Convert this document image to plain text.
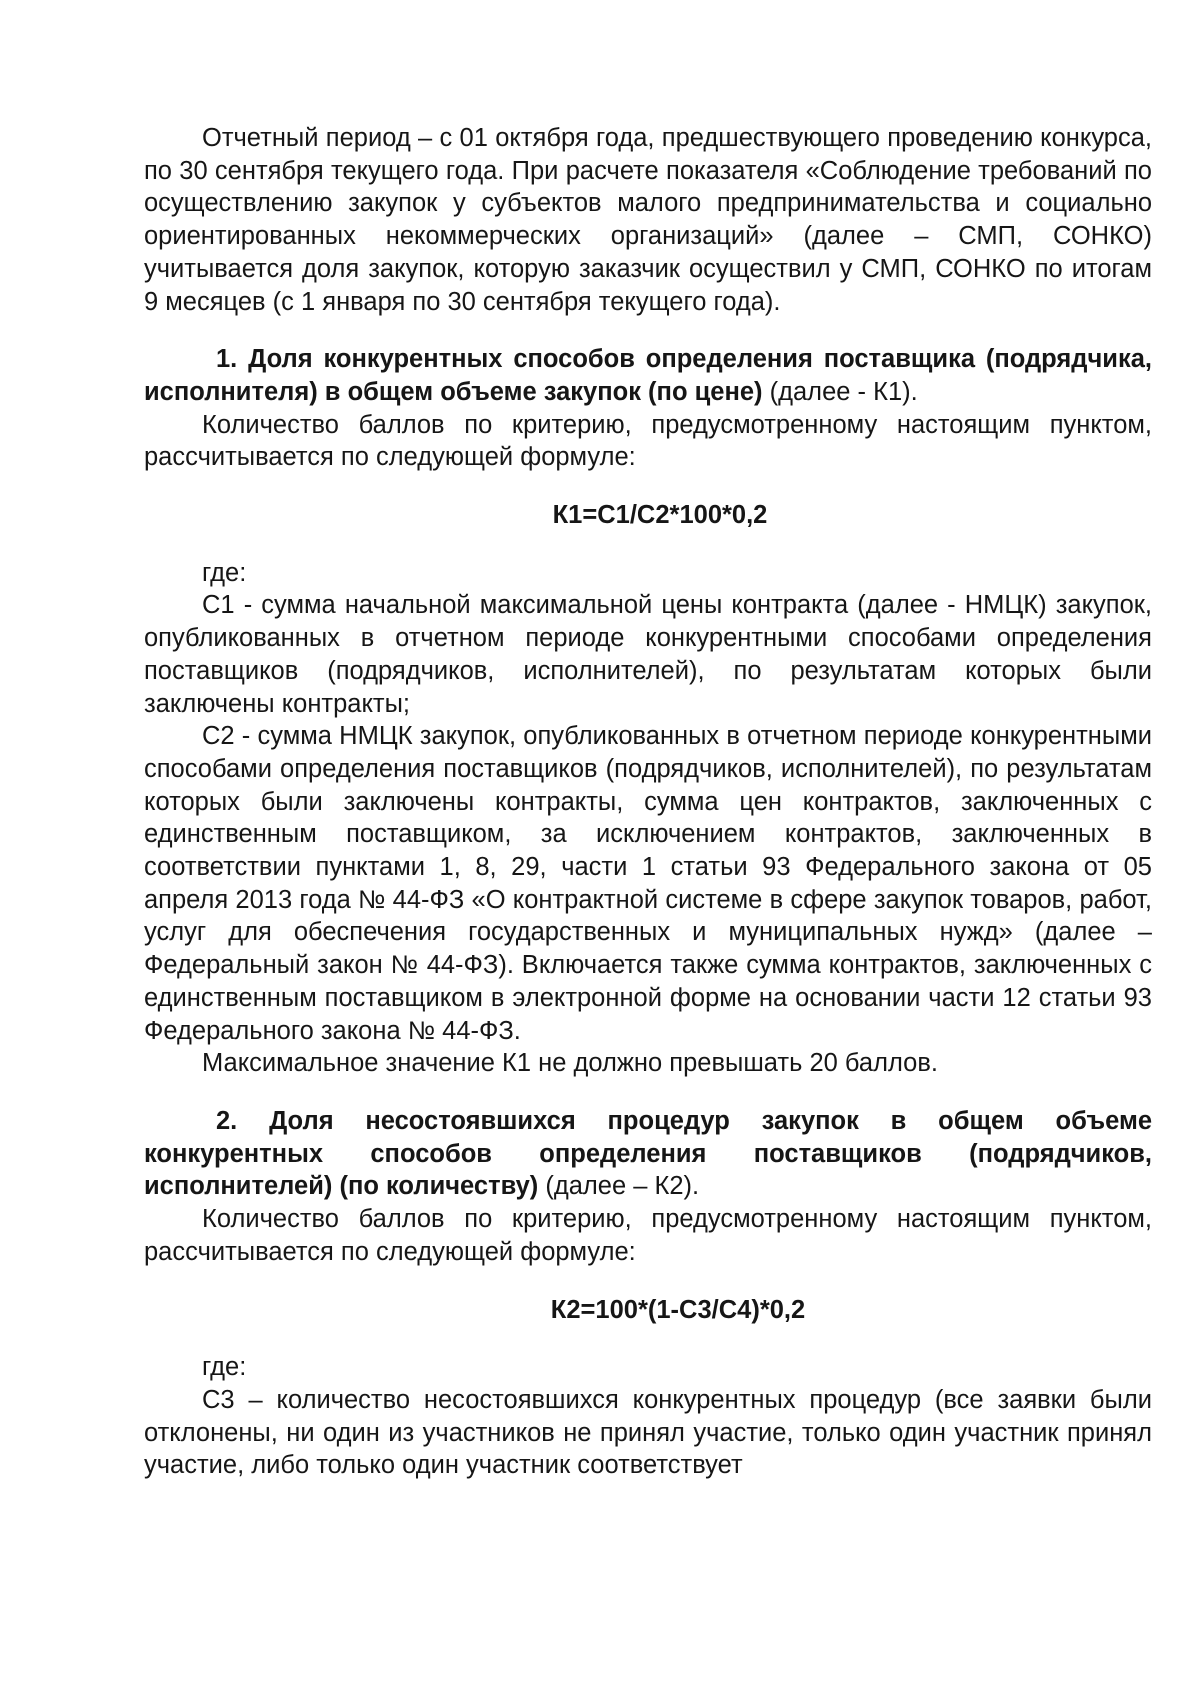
Отчетный период – с 01 октября года, предшествующего проведению конкурса, по 30 сентября текущего года. При расчете показателя «Соблюдение требований по осуществлению закупок у субъектов малого предпринимательства и социально ориентированных некоммерческих организаций» (далее – СМП, СОНКО) учитывается доля закупок, которую заказчик осуществил у СМП, СОНКО по итогам 9 месяцев (с 1 января по 30 сентября текущего года).

1. Доля конкурентных способов определения поставщика (подрядчика, исполнителя) в общем объеме закупок (по цене) (далее - К1).

Количество баллов по критерию, предусмотренному настоящим пунктом, рассчитывается по следующей формуле:

К1=С1/С2*100*0,2

где:

С1 - сумма начальной максимальной цены контракта (далее - НМЦК) закупок, опубликованных в отчетном периоде конкурентными способами определения поставщиков (подрядчиков, исполнителей), по результатам которых были заключены контракты;

С2 - сумма НМЦК закупок, опубликованных в отчетном периоде конкурентными способами определения поставщиков (подрядчиков, исполнителей), по результатам которых были заключены контракты, сумма цен контрактов, заключенных с единственным поставщиком, за исключением контрактов, заключенных в соответствии пунктами 1, 8, 29, части 1 статьи 93 Федерального закона от 05 апреля 2013 года № 44-ФЗ «О контрактной системе в сфере закупок товаров, работ, услуг для обеспечения государственных и муниципальных нужд» (далее – Федеральный закон № 44-ФЗ). Включается также сумма контрактов, заключенных с единственным поставщиком в электронной форме на основании части 12 статьи 93 Федерального закона № 44-ФЗ.

Максимальное значение К1 не должно превышать 20 баллов.

2. Доля несостоявшихся процедур закупок в общем объеме конкурентных способов определения поставщиков (подрядчиков, исполнителей) (по количеству) (далее – К2).

Количество баллов по критерию, предусмотренному настоящим пунктом, рассчитывается по следующей формуле:

К2=100*(1-С3/С4)*0,2

где:

С3 – количество несостоявшихся конкурентных процедур (все заявки были отклонены, ни один из участников не принял участие, только один участник принял участие, либо только один участник соответствует
